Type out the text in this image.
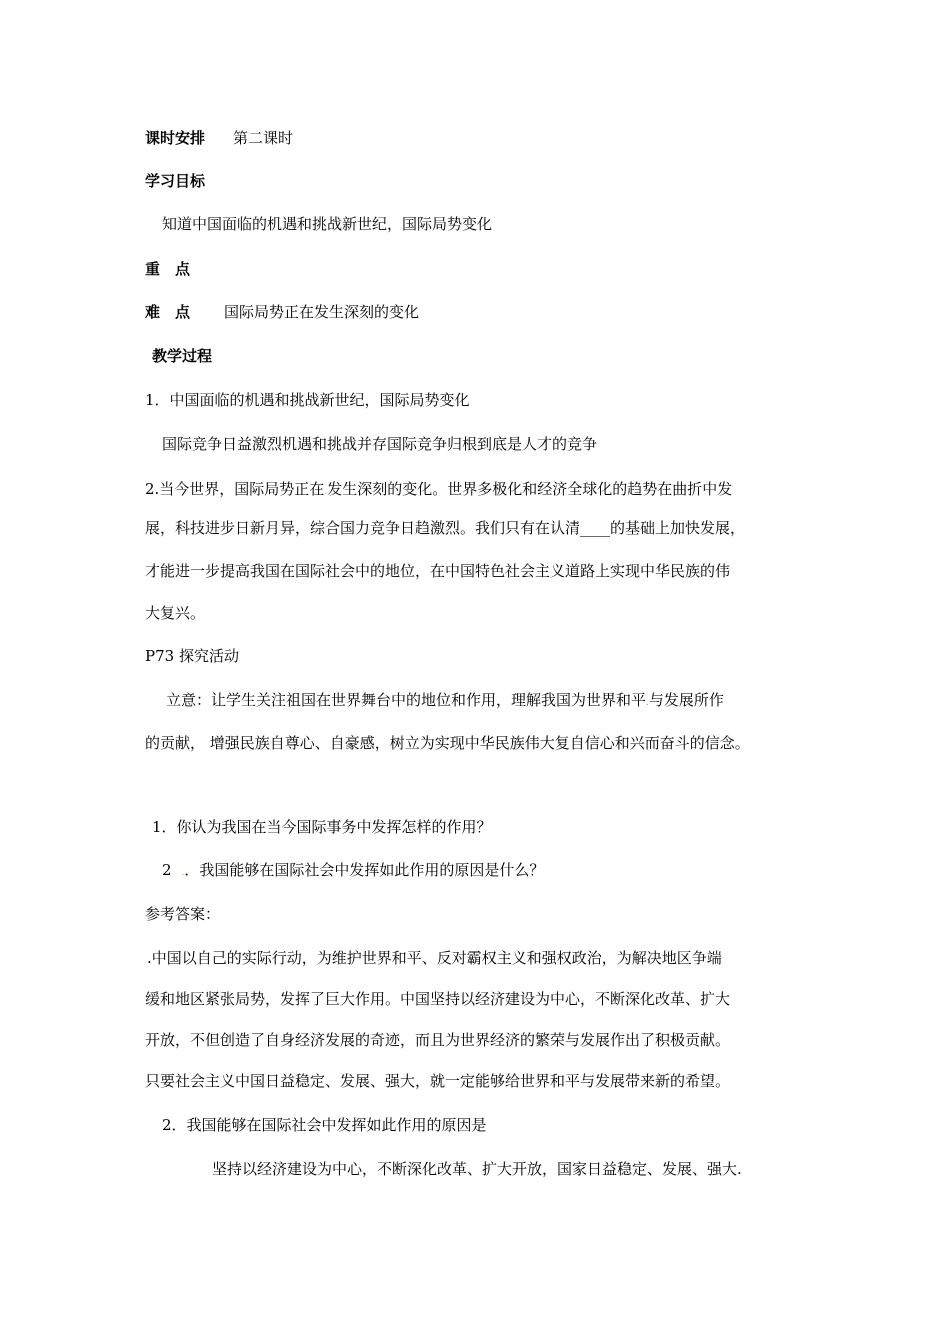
课时安排 第二课时
学习目标
知道中国面临的机遇和挑战新世纪，国际局势变化
重　点
难　点 国际局势正在发生深刻的变化
教学过程
1．中国面临的机遇和挑战新世纪，国际局势变化
国际竞争日益激烈机遇和挑战并存国际竞争归根到底是人才的竞争
2.当今世界，国际局势正在.发生深刻的变化。世界多极化和经济全球化的趋势在曲折中发
展，科技进步日新月异，综合国力竞争日趋激烈。我们只有在认清____的基础上加快发展，
才能进一步提高我国在国际社会中的地位，在中国特色社会主义道路上实现中华民族的伟
大复兴。
P73 探究活动
立意：让学生关注祖国在世界舞台中的地位和作用，理解我国为世界和平.与发展所作
的贡献， 增强民族自尊心、自豪感，树立为实现中华民族伟大复自信心和兴而奋斗的信念。
1．你认为我国在当今国际事务中发挥怎样的作用？
2 .．我国能够在国际社会中发挥如此作用的原因是什么？
参考答案：
.中国以自己的实际行动，为维护世界和平、反对霸权主义和强权政治，为解决地区争端
缓和地区紧张局势，发挥了巨大作用。中国坚持以经济建设为中心，不断深化改革、扩大
开放，不但创造了自身经济发展的奇迹，而且为世界经济的繁荣与发展作出了积极贡献。
只要社会主义中国日益稳定、发展、强大，就一定能够给世界和平与发展带来新的希望。
2．我国能够在国际社会中发挥如此作用的原因是
坚持以经济建设为中心，不断深化改革、扩大开放，国家日益稳定、发展、强大.
